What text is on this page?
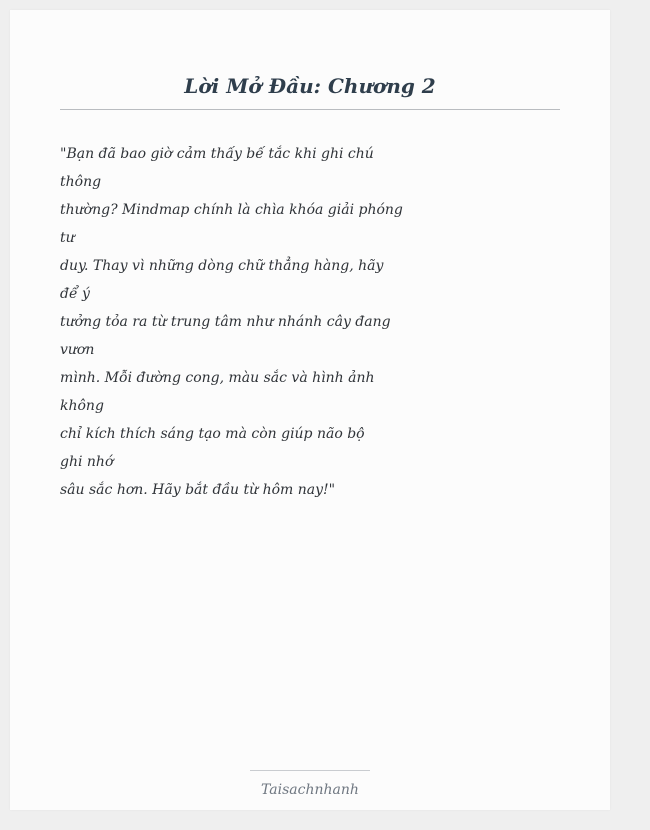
Lời Mở Đầu: Chương 2
"Bạn đã bao giờ cảm thấy bế tắc khi ghi chú
thông
thường? Mindmap chính là chìa khóa giải phóng
tư
duy. Thay vì những dòng chữ thẳng hàng, hãy
để ý
tưởng tỏa ra từ trung tâm như nhánh cây đang
vươn
mình. Mỗi đường cong, màu sắc và hình ảnh
không
chỉ kích thích sáng tạo mà còn giúp não bộ
ghi nhớ
sâu sắc hơn. Hãy bắt đầu từ hôm nay!"
Taisachnhanh
